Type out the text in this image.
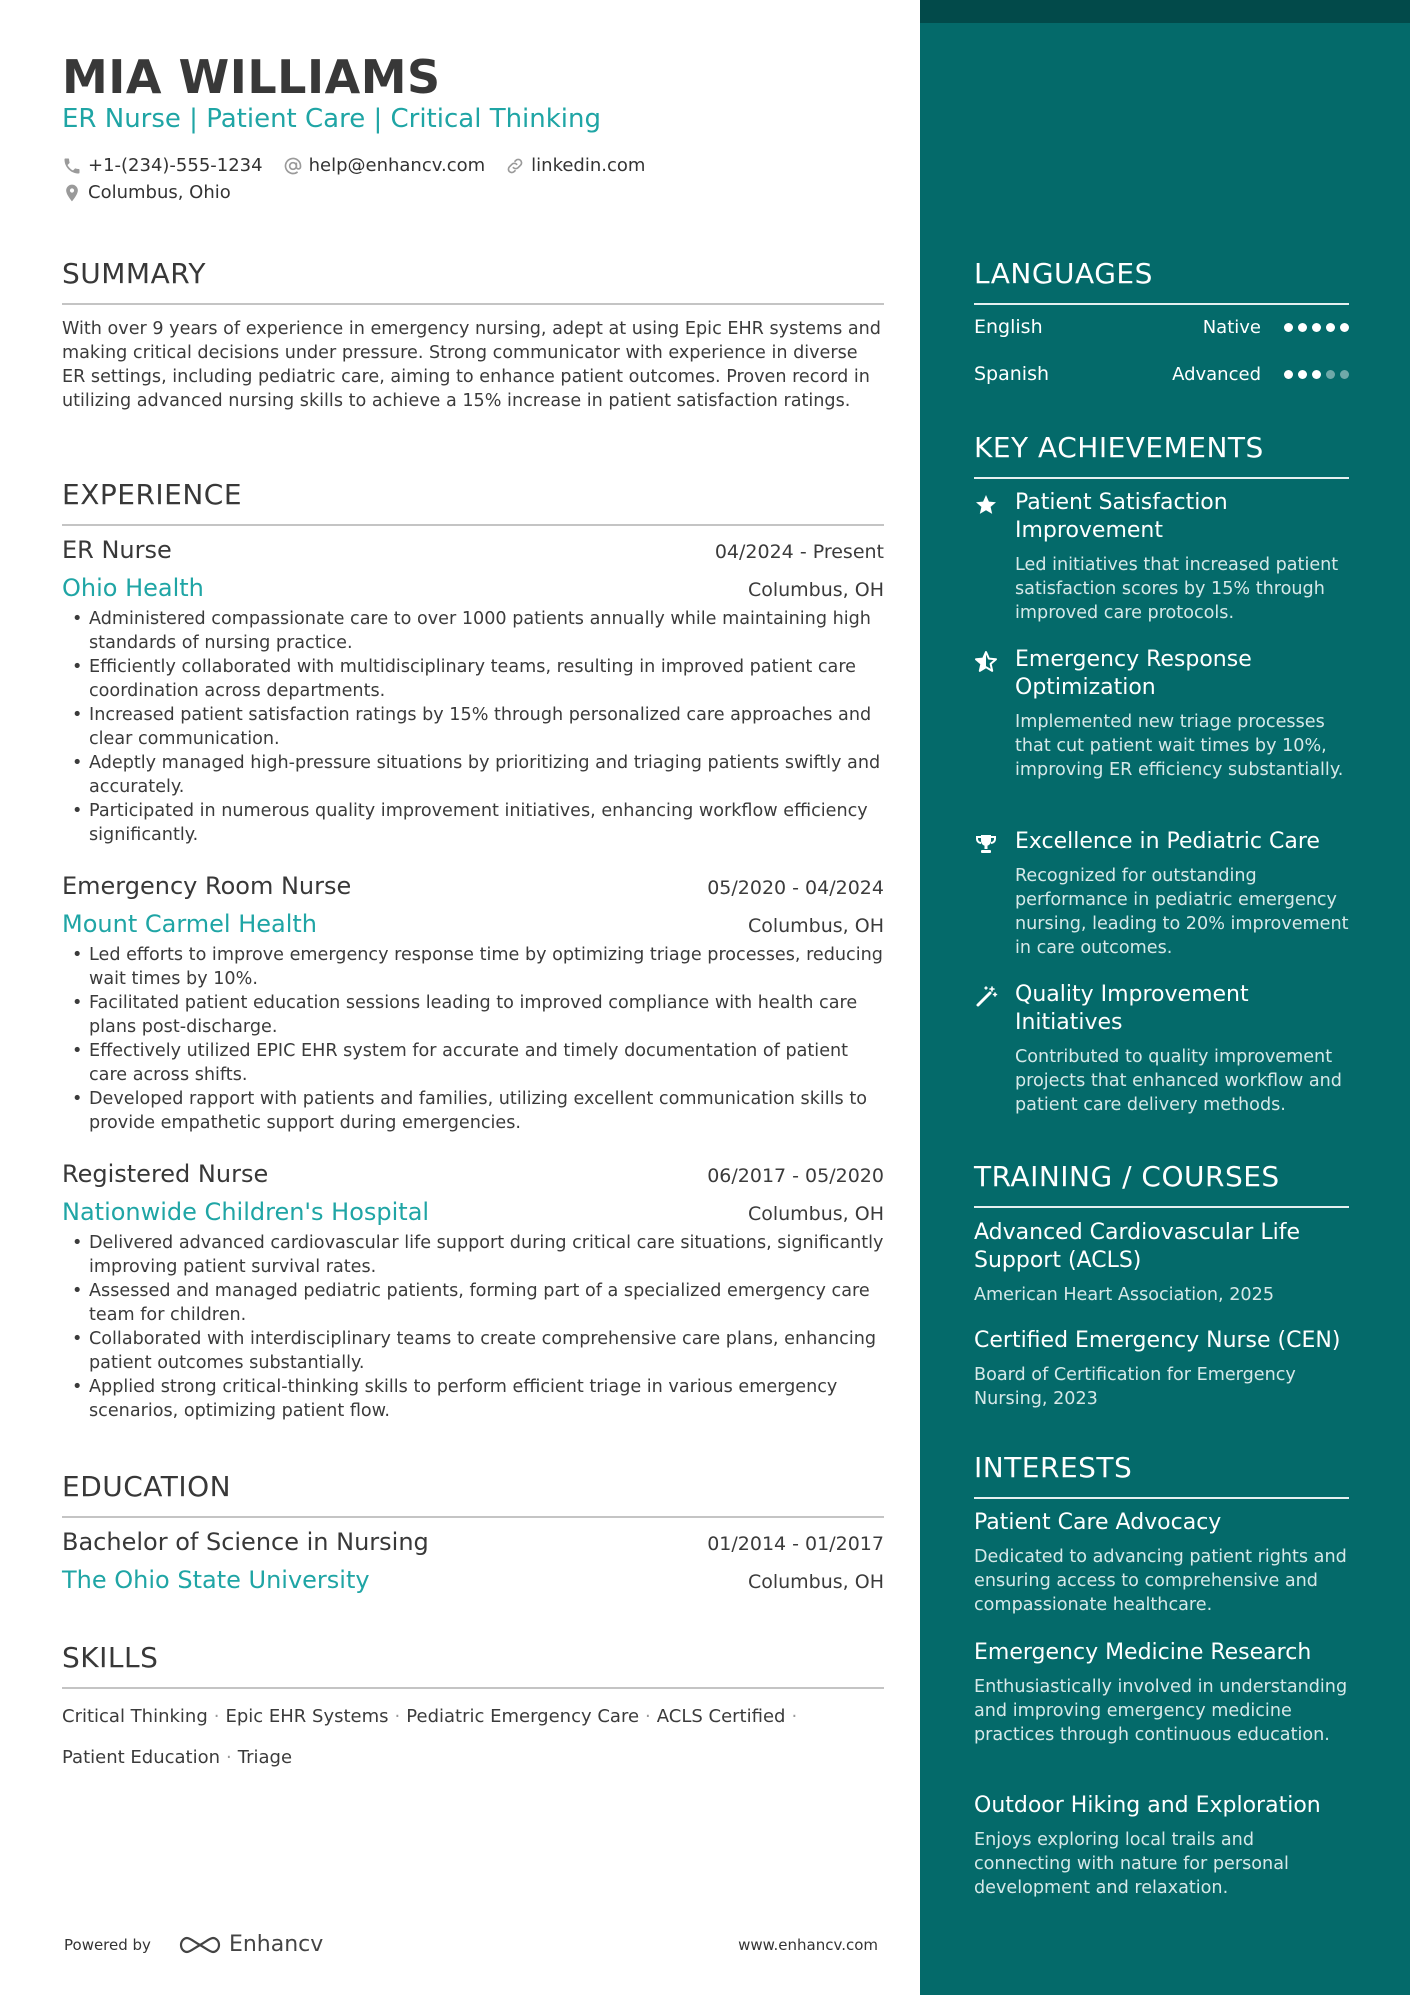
MIA WILLIAMS
ER Nurse | Patient Care | Critical Thinking
+1-(234)-555-1234	help@enhancv.com	linkedin.com
Columbus, Ohio
SUMMARY
With over 9 years of experience in emergency nursing, adept at using Epic EHR systems and making critical decisions under pressure. Strong communicator with experience in diverse ER settings, including pediatric care, aiming to enhance patient outcomes. Proven record in utilizing advanced nursing skills to achieve a 15% increase in patient satisfaction ratings.
EXPERIENCE
ER Nurse	04/2024 - Present
Ohio Health	Columbus, OH
• Administered compassionate care to over 1000 patients annually while maintaining high standards of nursing practice.
• Efficiently collaborated with multidisciplinary teams, resulting in improved patient care coordination across departments.
• Increased patient satisfaction ratings by 15% through personalized care approaches and clear communication.
• Adeptly managed high-pressure situations by prioritizing and triaging patients swiftly and accurately.
• Participated in numerous quality improvement initiatives, enhancing workflow efficiency significantly.
Emergency Room Nurse	05/2020 - 04/2024
Mount Carmel Health	Columbus, OH
• Led efforts to improve emergency response time by optimizing triage processes, reducing wait times by 10%.
• Facilitated patient education sessions leading to improved compliance with health care plans post-discharge.
• Effectively utilized EPIC EHR system for accurate and timely documentation of patient care across shifts.
• Developed rapport with patients and families, utilizing excellent communication skills to provide empathetic support during emergencies.
Registered Nurse	06/2017 - 05/2020
Nationwide Children's Hospital	Columbus, OH
• Delivered advanced cardiovascular life support during critical care situations, significantly improving patient survival rates.
• Assessed and managed pediatric patients, forming part of a specialized emergency care team for children.
• Collaborated with interdisciplinary teams to create comprehensive care plans, enhancing patient outcomes substantially.
• Applied strong critical-thinking skills to perform efficient triage in various emergency scenarios, optimizing patient flow.
EDUCATION
Bachelor of Science in Nursing	01/2014 - 01/2017
The Ohio State University	Columbus, OH
SKILLS
Critical Thinking · Epic EHR Systems · Pediatric Emergency Care · ACLS Certified ·
Patient Education · Triage
Powered by	Enhancv	www.enhancv.com
LANGUAGES
English	Native
Spanish	Advanced
KEY ACHIEVEMENTS
Patient Satisfaction Improvement
Led initiatives that increased patient satisfaction scores by 15% through improved care protocols.
Emergency Response Optimization
Implemented new triage processes that cut patient wait times by 10%, improving ER efficiency substantially.
Excellence in Pediatric Care
Recognized for outstanding performance in pediatric emergency nursing, leading to 20% improvement in care outcomes.
Quality Improvement Initiatives
Contributed to quality improvement projects that enhanced workflow and patient care delivery methods.
TRAINING / COURSES
Advanced Cardiovascular Life Support (ACLS)
American Heart Association, 2025
Certified Emergency Nurse (CEN)
Board of Certification for Emergency Nursing, 2023
INTERESTS
Patient Care Advocacy
Dedicated to advancing patient rights and ensuring access to comprehensive and compassionate healthcare.
Emergency Medicine Research
Enthusiastically involved in understanding and improving emergency medicine practices through continuous education.
Outdoor Hiking and Exploration
Enjoys exploring local trails and connecting with nature for personal development and relaxation.
